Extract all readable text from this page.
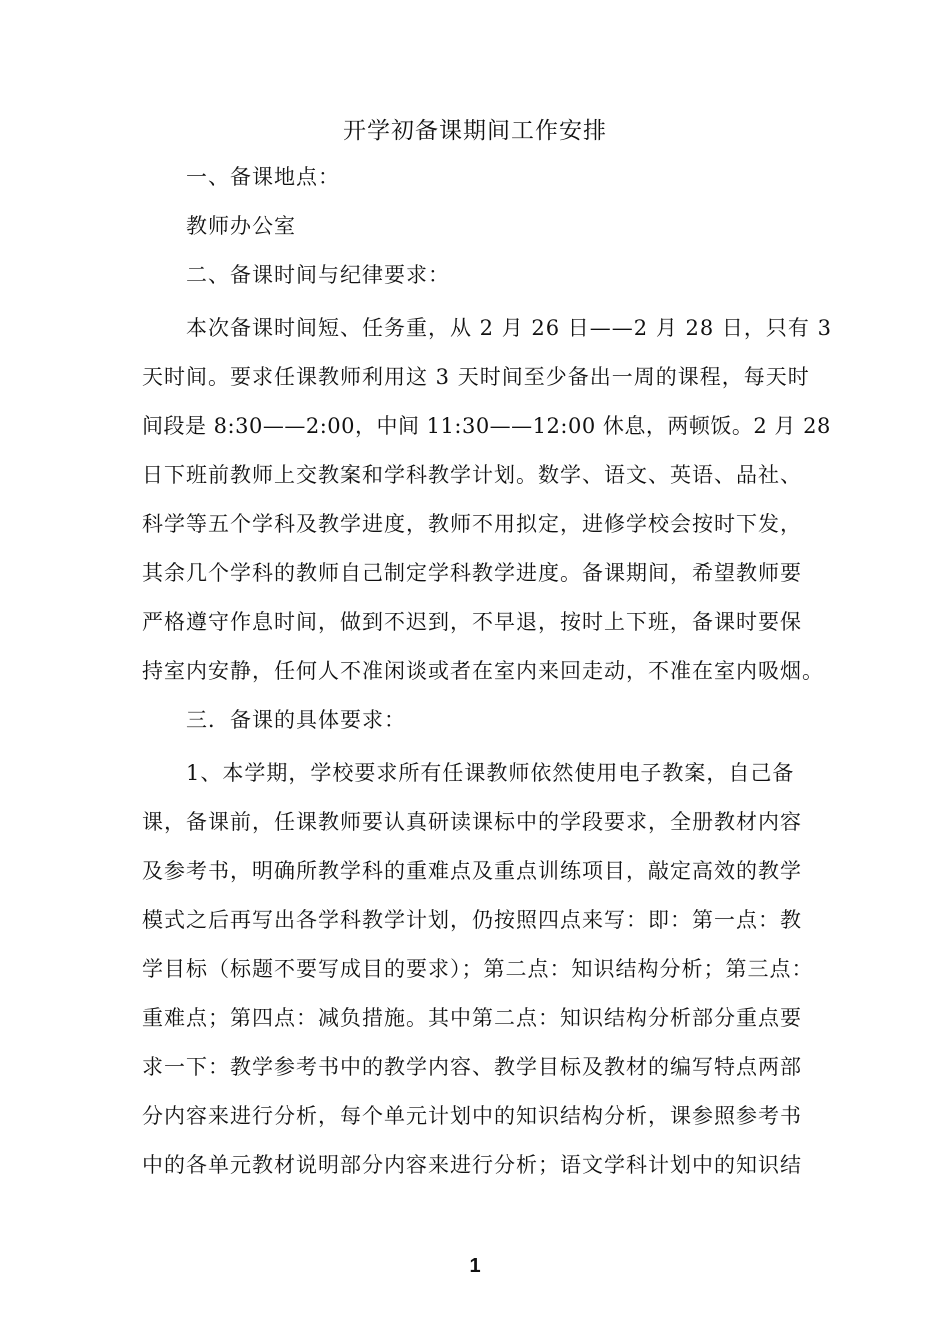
开学初备课期间工作安排
一、备课地点：
教师办公室
二、备课时间与纪律要求：
本次备课时间短、任务重，从 2 月 26 日——2 月 28 日，只有 3
天时间。要求任课教师利用这 3 天时间至少备出一周的课程，每天时
间段是 8:30——2:00，中间 11:30——12:00 休息，两顿饭。2 月 28
日下班前教师上交教案和学科教学计划。数学、语文、英语、品社、
科学等五个学科及教学进度，教师不用拟定，进修学校会按时下发，
其余几个学科的教师自己制定学科教学进度。备课期间，希望教师要
严格遵守作息时间，做到不迟到，不早退，按时上下班，备课时要保
持室内安静，任何人不准闲谈或者在室内来回走动，不准在室内吸烟。
三．备课的具体要求：
1、本学期，学校要求所有任课教师依然使用电子教案，自己备
课，备课前，任课教师要认真研读课标中的学段要求，全册教材内容
及参考书，明确所教学科的重难点及重点训练项目，敲定高效的教学
模式之后再写出各学科教学计划，仍按照四点来写：即：第一点：教
学目标（标题不要写成目的要求）；第二点：知识结构分析；第三点：
重难点；第四点：减负措施。其中第二点：知识结构分析部分重点要
求一下：教学参考书中的教学内容、教学目标及教材的编写特点两部
分内容来进行分析，每个单元计划中的知识结构分析，课参照参考书
中的各单元教材说明部分内容来进行分析；语文学科计划中的知识结
1
